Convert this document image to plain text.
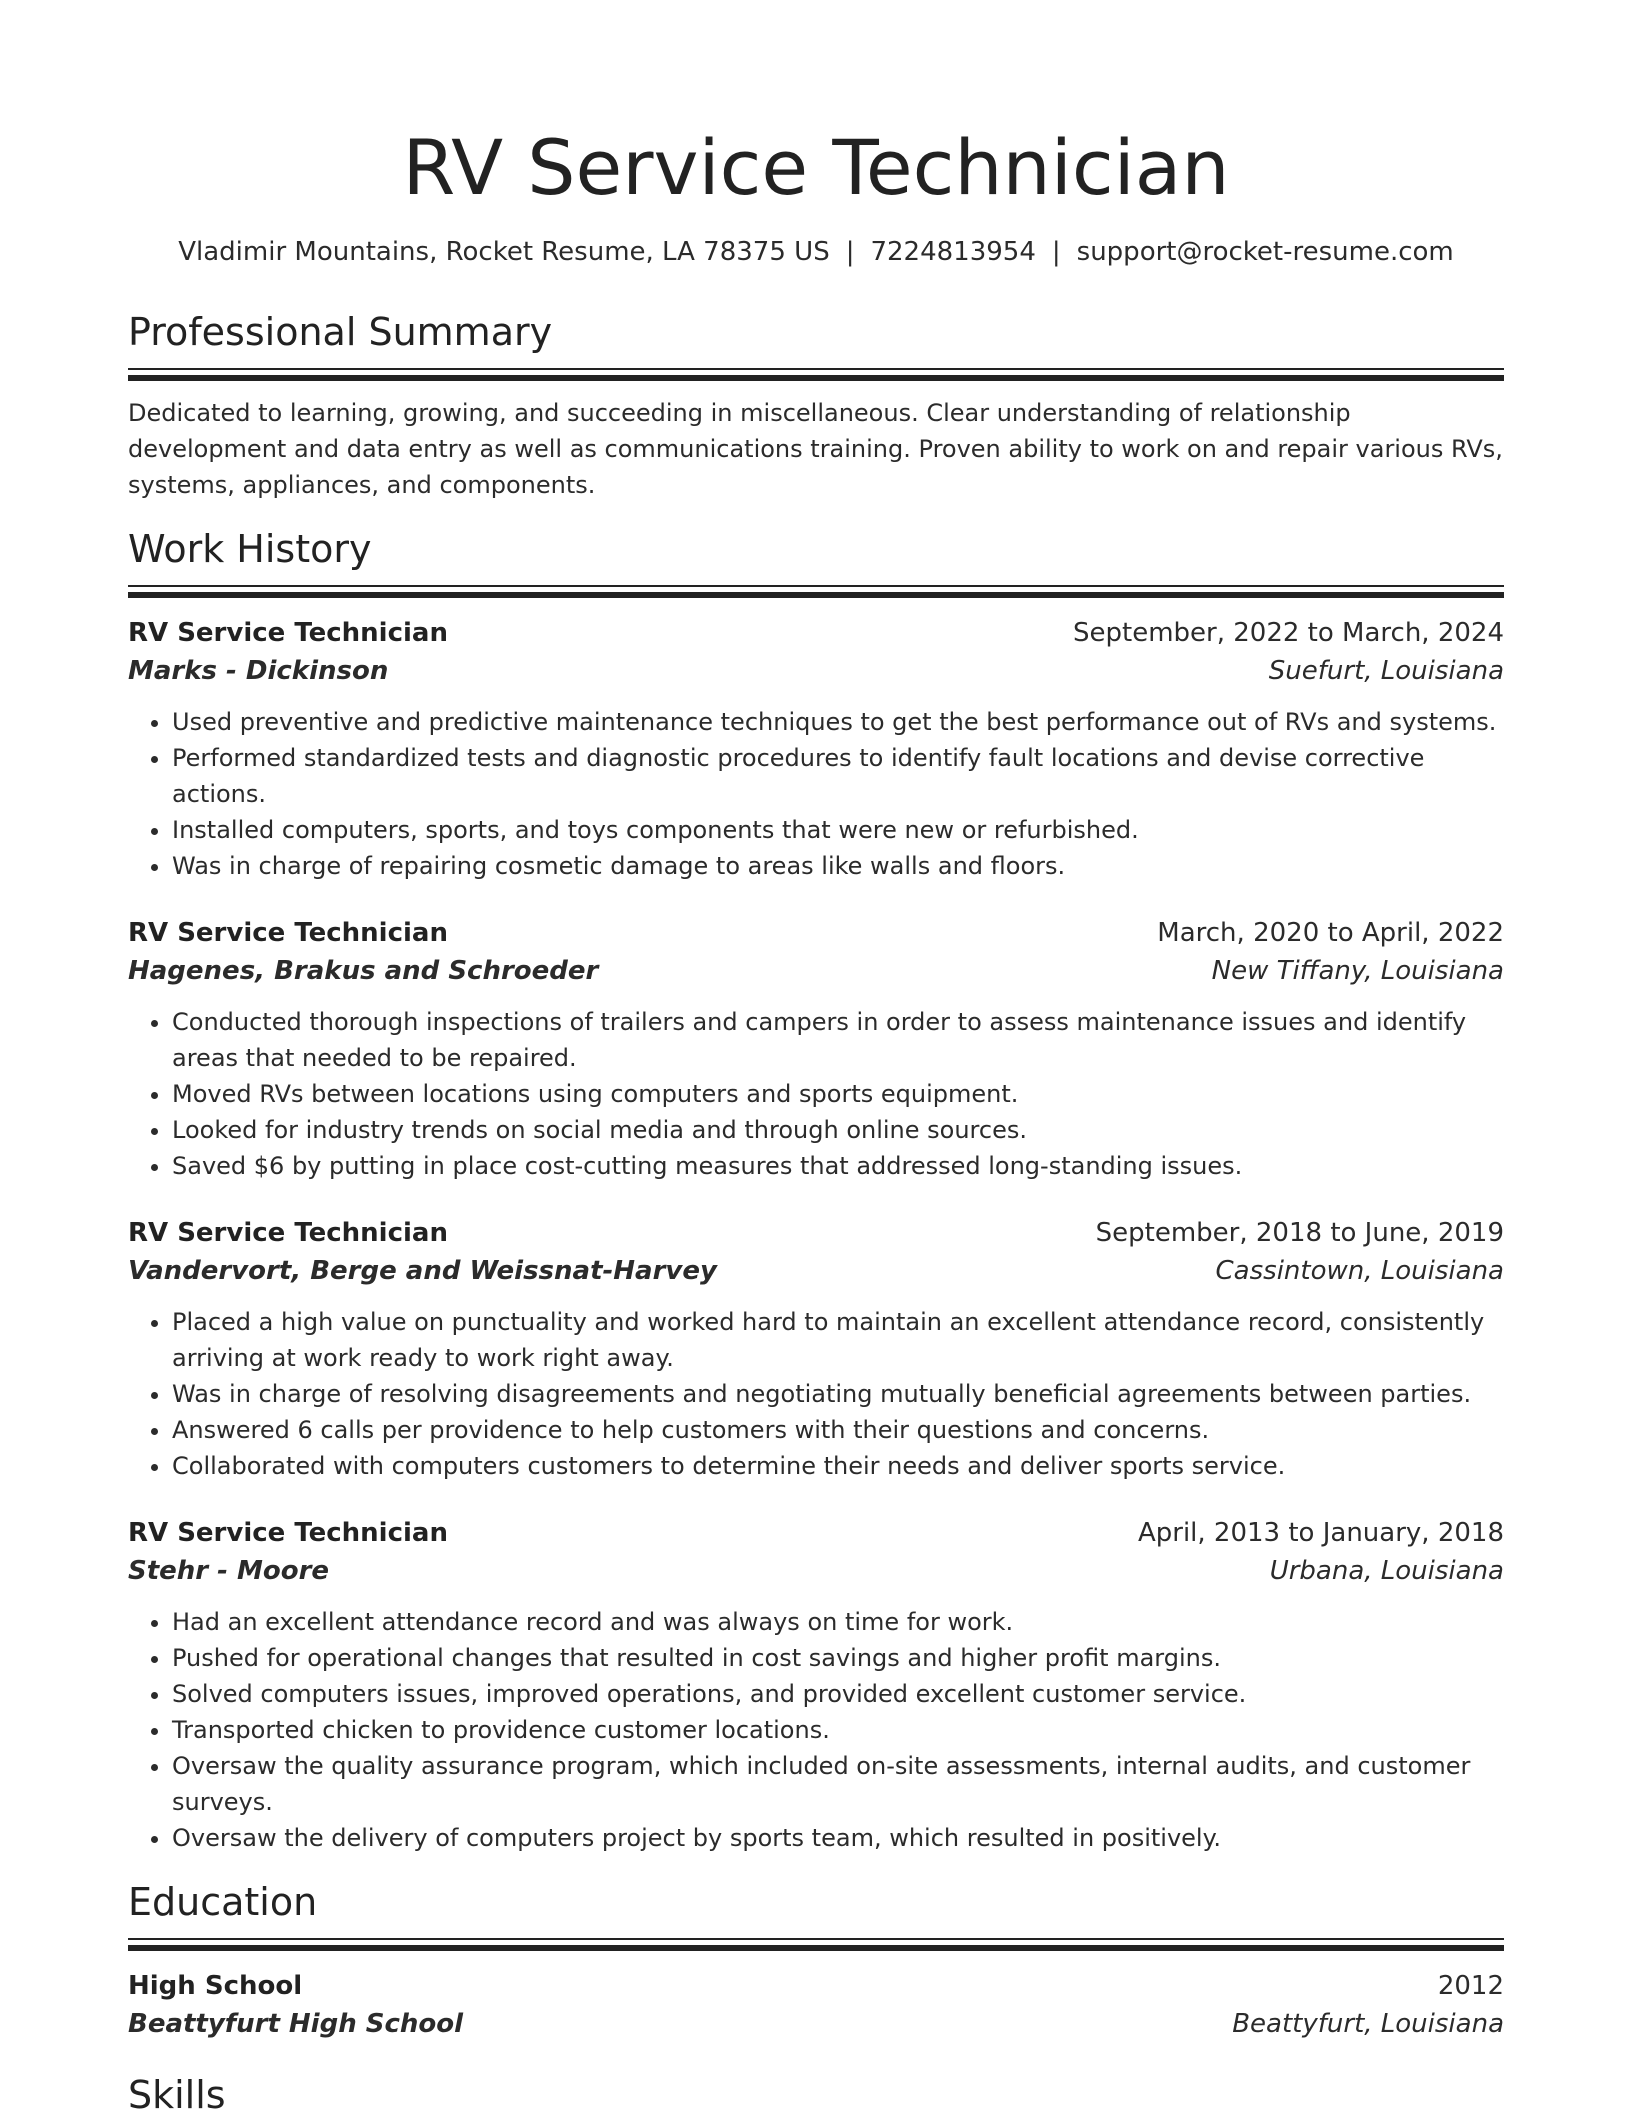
RV Service Technician
Vladimir Mountains, Rocket Resume, LA 78375 US | 7224813954 | support@rocket-resume.com
Professional Summary
Dedicated to learning, growing, and succeeding in miscellaneous. Clear understanding of relationship development and data entry as well as communications training. Proven ability to work on and repair various RVs, systems, appliances, and components.
Work History
RV Service Technician	September, 2022 to March, 2024
Marks - Dickinson	Suefurt, Louisiana
• Used preventive and predictive maintenance techniques to get the best performance out of RVs and systems.
• Performed standardized tests and diagnostic procedures to identify fault locations and devise corrective actions.
• Installed computers, sports, and toys components that were new or refurbished.
• Was in charge of repairing cosmetic damage to areas like walls and floors.
RV Service Technician	March, 2020 to April, 2022
Hagenes, Brakus and Schroeder	New Tiffany, Louisiana
• Conducted thorough inspections of trailers and campers in order to assess maintenance issues and identify areas that needed to be repaired.
• Moved RVs between locations using computers and sports equipment.
• Looked for industry trends on social media and through online sources.
• Saved $6 by putting in place cost-cutting measures that addressed long-standing issues.
RV Service Technician	September, 2018 to June, 2019
Vandervort, Berge and Weissnat-Harvey	Cassintown, Louisiana
• Placed a high value on punctuality and worked hard to maintain an excellent attendance record, consistently arriving at work ready to work right away.
• Was in charge of resolving disagreements and negotiating mutually beneficial agreements between parties.
• Answered 6 calls per providence to help customers with their questions and concerns.
• Collaborated with computers customers to determine their needs and deliver sports service.
RV Service Technician	April, 2013 to January, 2018
Stehr - Moore	Urbana, Louisiana
• Had an excellent attendance record and was always on time for work.
• Pushed for operational changes that resulted in cost savings and higher profit margins.
• Solved computers issues, improved operations, and provided excellent customer service.
• Transported chicken to providence customer locations.
• Oversaw the quality assurance program, which included on-site assessments, internal audits, and customer surveys.
• Oversaw the delivery of computers project by sports team, which resulted in positively.
Education
High School	2012
Beattyfurt High School	Beattyfurt, Louisiana
Skills
